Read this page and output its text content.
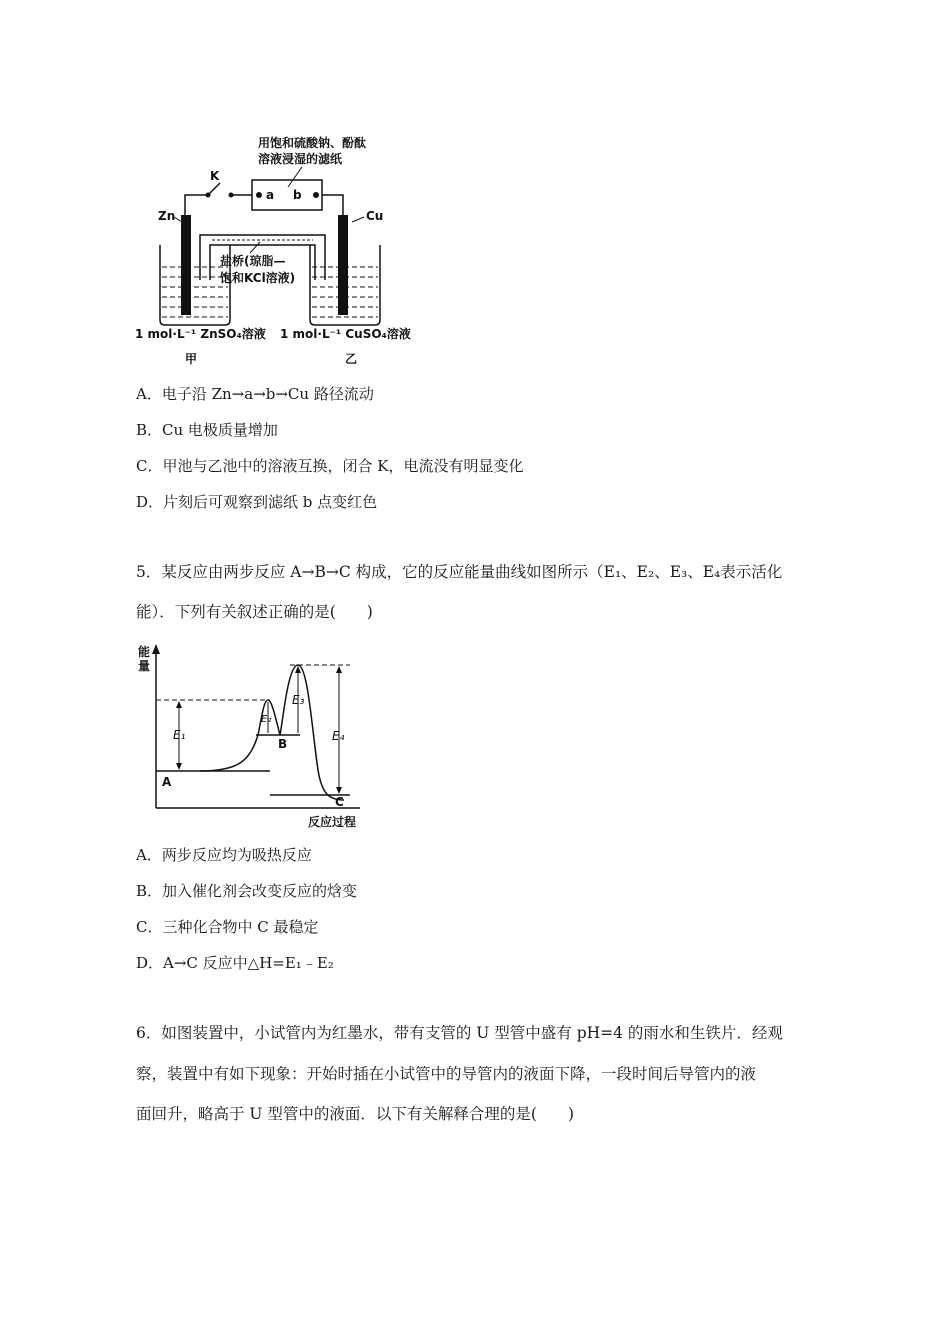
用饱和硫酸钠、酚酞
溶液浸湿的滤纸
a b
K
Zn	Cu
盐桥(琼脂—
饱和KCl溶液)
1 mol·L⁻¹ ZnSO₄溶液 1 mol·L⁻¹ CuSO₄溶液
甲	乙
A．电子沿 Zn→a→b→Cu 路径流动
B．Cu 电极质量增加
C．甲池与乙池中的溶液互换，闭合 K，电流没有明显变化
D．片刻后可观察到滤纸 b 点变红色
5．某反应由两步反应 A→B→C 构成，它的反应能量曲线如图所示（E₁、E₂、E₃、E₄表示活化
能）．下列有关叙述正确的是(　　)
能
量
反应过程
A
E₁
B
E₂
E₃
E₄
C
A．两步反应均为吸热反应
B．加入催化剂会改变反应的焓变
C．三种化合物中 C 最稳定
D．A→C 反应中△H=E₁﹣E₂
6．如图装置中，小试管内为红墨水，带有支管的 U 型管中盛有 pH=4 的雨水和生铁片．经观
察，装置中有如下现象：开始时插在小试管中的导管内的液面下降，一段时间后导管内的液
面回升，略高于 U 型管中的液面．以下有关解释合理的是(　　)
